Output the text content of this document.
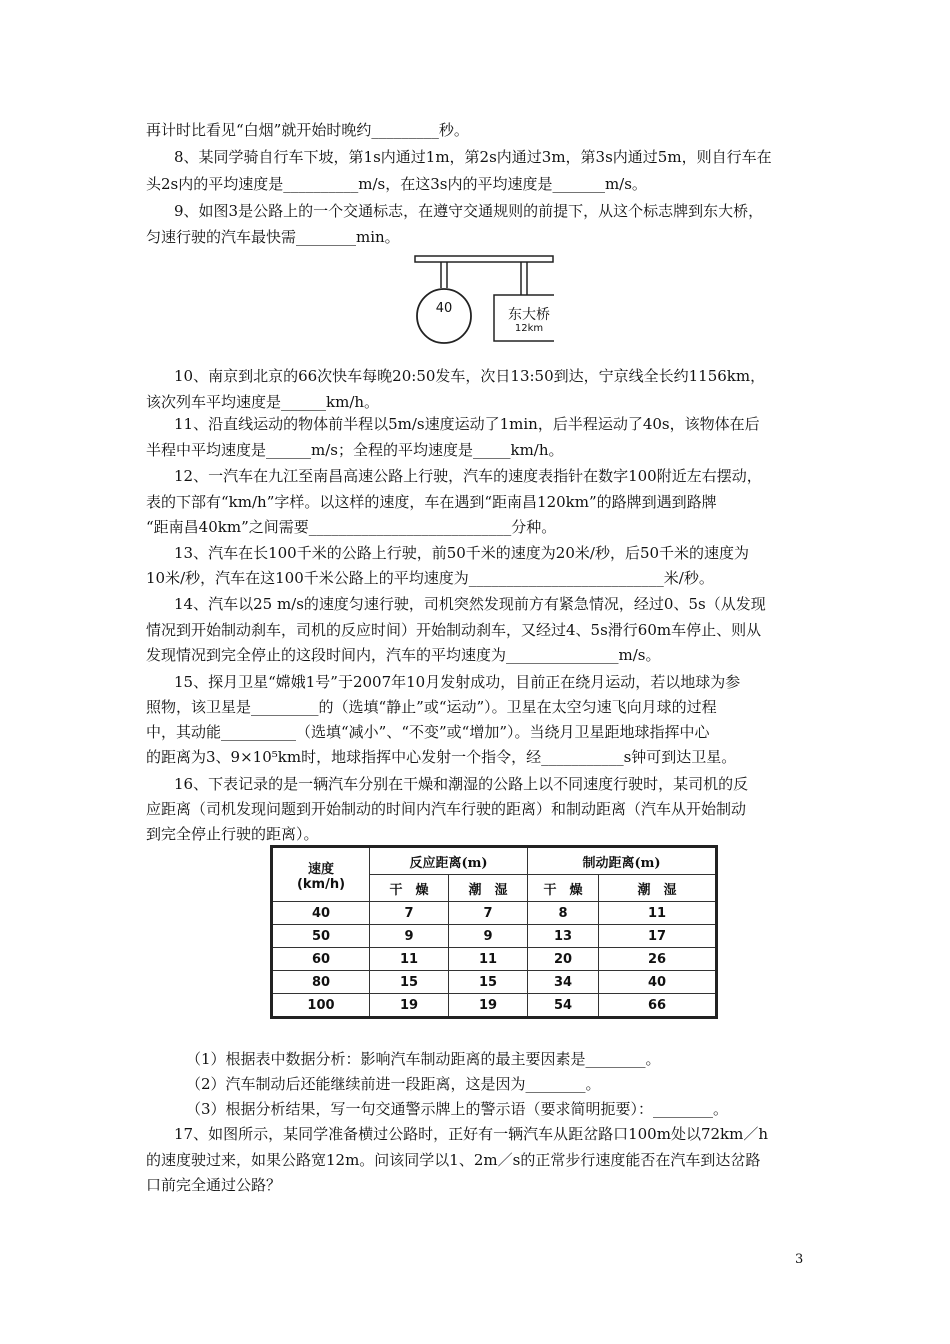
再计时比看见“白烟”就开始时晚约_________秒。
8、某同学骑自行车下坡，第1s内通过1m，第2s内通过3m，第3s内通过5m，则自行车在
头2s内的平均速度是__________m/s，在这3s内的平均速度是_______m/s。
9、如图3是公路上的一个交通标志，在遵守交通规则的前提下，从这个标志牌到东大桥，
匀速行驶的汽车最快需________min。
40	东大桥
12km
10、南京到北京的66次快车每晚20:50发车，次日13:50到达，宁京线全长约1156km，
该次列车平均速度是______km/h。
11、沿直线运动的物体前半程以5m/s速度运动了1min，后半程运动了40s，该物体在后
半程中平均速度是______m/s；全程的平均速度是_____km/h。
12、一汽车在九江至南昌高速公路上行驶，汽车的速度表指针在数字100附近左右摆动，
表的下部有“km/h”字样。以这样的速度，车在遇到“距南昌120km”的路牌到遇到路牌
“距南昌40km”之间需要___________________________分种。
13、汽车在长100千米的公路上行驶，前50千米的速度为20米/秒，后50千米的速度为
10米/秒，汽车在这100千米公路上的平均速度为__________________________米/秒。
14、汽车以25 m/s的速度匀速行驶，司机突然发现前方有紧急情况，经过0、5s（从发现
情况到开始制动刹车，司机的反应时间）开始制动刹车，又经过4、5s滑行60m车停止、则从
发现情况到完全停止的这段时间内，汽车的平均速度为_______________m/s。
15、探月卫星“嫦娥1号”于2007年10月发射成功，目前正在绕月运动，若以地球为参
照物，该卫星是_________的（选填“静止”或“运动”）。卫星在太空匀速飞向月球的过程
中，其动能__________（选填“减小”、“不变”或“增加”）。当绕月卫星距地球指挥中心
的距离为3、9×10⁵km时，地球指挥中心发射一个指令，经___________s钟可到达卫星。
16、下表记录的是一辆汽车分别在干燥和潮湿的公路上以不同速度行驶时，某司机的反
应距离（司机发现问题到开始制动的时间内汽车行驶的距离）和制动距离（汽车从开始制动
到完全停止行驶的距离）。
速度
(km/h)	反应距离(m)		制动距离(m)	
	干　燥	潮　湿	干　燥	潮　湿
40	7	7	8	11
50	9	9	13	17
60	11	11	20	26
80	15	15	34	40
100	19	19	54	66
（1）根据表中数据分析：影响汽车制动距离的最主要因素是________。
（2）汽车制动后还能继续前进一段距离，这是因为________。
（3）根据分析结果，写一句交通警示牌上的警示语（要求简明扼要）：________。
17、如图所示，某同学准备横过公路时，正好有一辆汽车从距岔路口100m处以72km／h
的速度驶过来，如果公路宽12m。问该同学以1、2m／s的正常步行速度能否在汽车到达岔路
口前完全通过公路？
3
